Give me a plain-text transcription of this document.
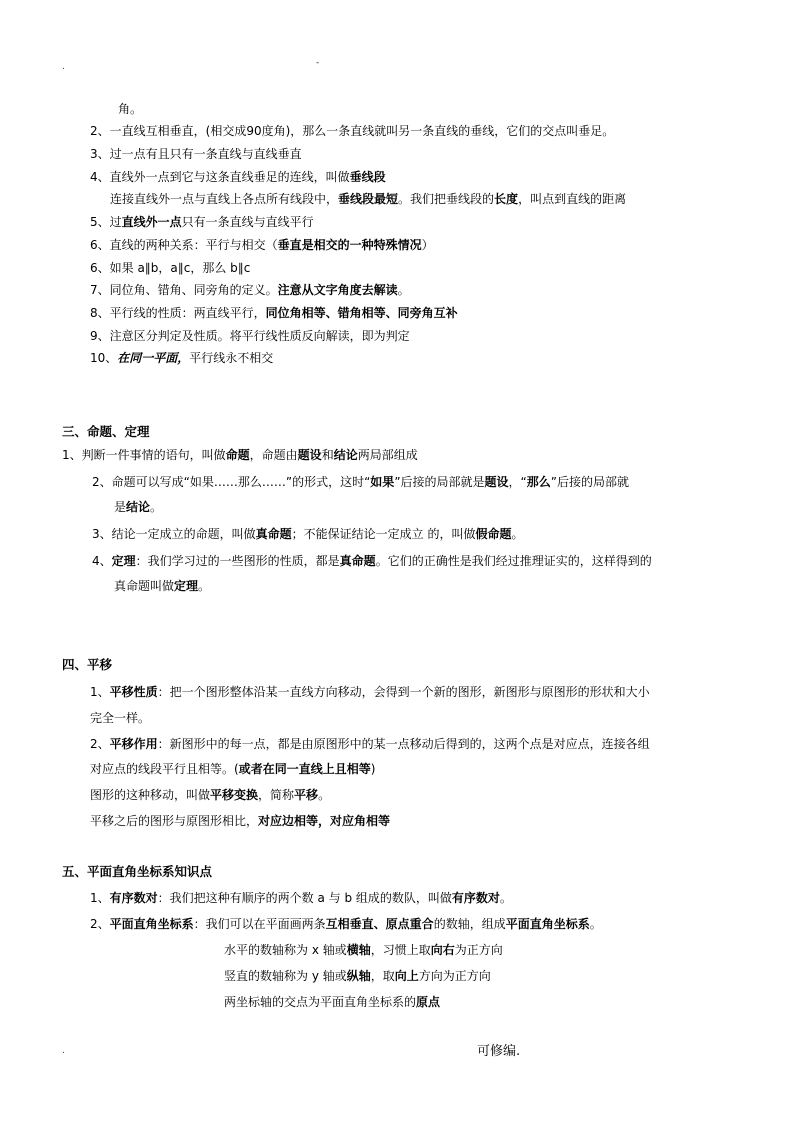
.	-
角。
2、一直线互相垂直，(相交成90度角)，那么一条直线就叫另一条直线的垂线，它们的交点叫垂足。
3、过一点有且只有一条直线与直线垂直
4、直线外一点到它与这条直线垂足的连线，叫做垂线段
连接直线外一点与直线上各点所有线段中，垂线段最短。我们把垂线段的长度，叫点到直线的距离
5、过直线外一点只有一条直线与直线平行
6、直线的两种关系：平行与相交（垂直是相交的一种特殊情况）
6、如果 a∥b，a∥c，那么 b∥c
7、同位角、错角、同旁角的定义。注意从文字角度去解读。
8、平行线的性质：两直线平行，同位角相等、错角相等、同旁角互补
9、注意区分判定及性质。将平行线性质反向解读，即为判定
10、在同一平面，平行线永不相交
三、命题、定理
1、判断一件事情的语句，叫做命题，命题由题设和结论两局部组成
2、命题可以写成“如果……那么……”的形式，这时“如果”后接的局部就是题设，“那么”后接的局部就
是结论。
3、结论一定成立的命题，叫做真命题；不能保证结论一定成立 的，叫做假命题。
4、定理：我们学习过的一些图形的性质，都是真命题。它们的正确性是我们经过推理证实的，这样得到的
真命题叫做定理。
四、平移
1、平移性质：把一个图形整体沿某一直线方向移动，会得到一个新的图形，新图形与原图形的形状和大小
完全一样。
2、平移作用：新图形中的每一点，都是由原图形中的某一点移动后得到的，这两个点是对应点，连接各组
对应点的线段平行且相等。(或者在同一直线上且相等)
图形的这种移动，叫做平移变换，简称平移。
平移之后的图形与原图形相比，对应边相等，对应角相等
五、平面直角坐标系知识点
1、有序数对：我们把这种有顺序的两个数 a 与 b 组成的数队，叫做有序数对。
2、平面直角坐标系：我们可以在平面画两条互相垂直、原点重合的数轴，组成平面直角坐标系。
水平的数轴称为 x 轴或横轴，习惯上取向右为正方向
竖直的数轴称为 y 轴或纵轴，取向上方向为正方向
两坐标轴的交点为平面直角坐标系的原点
.	可修编.
